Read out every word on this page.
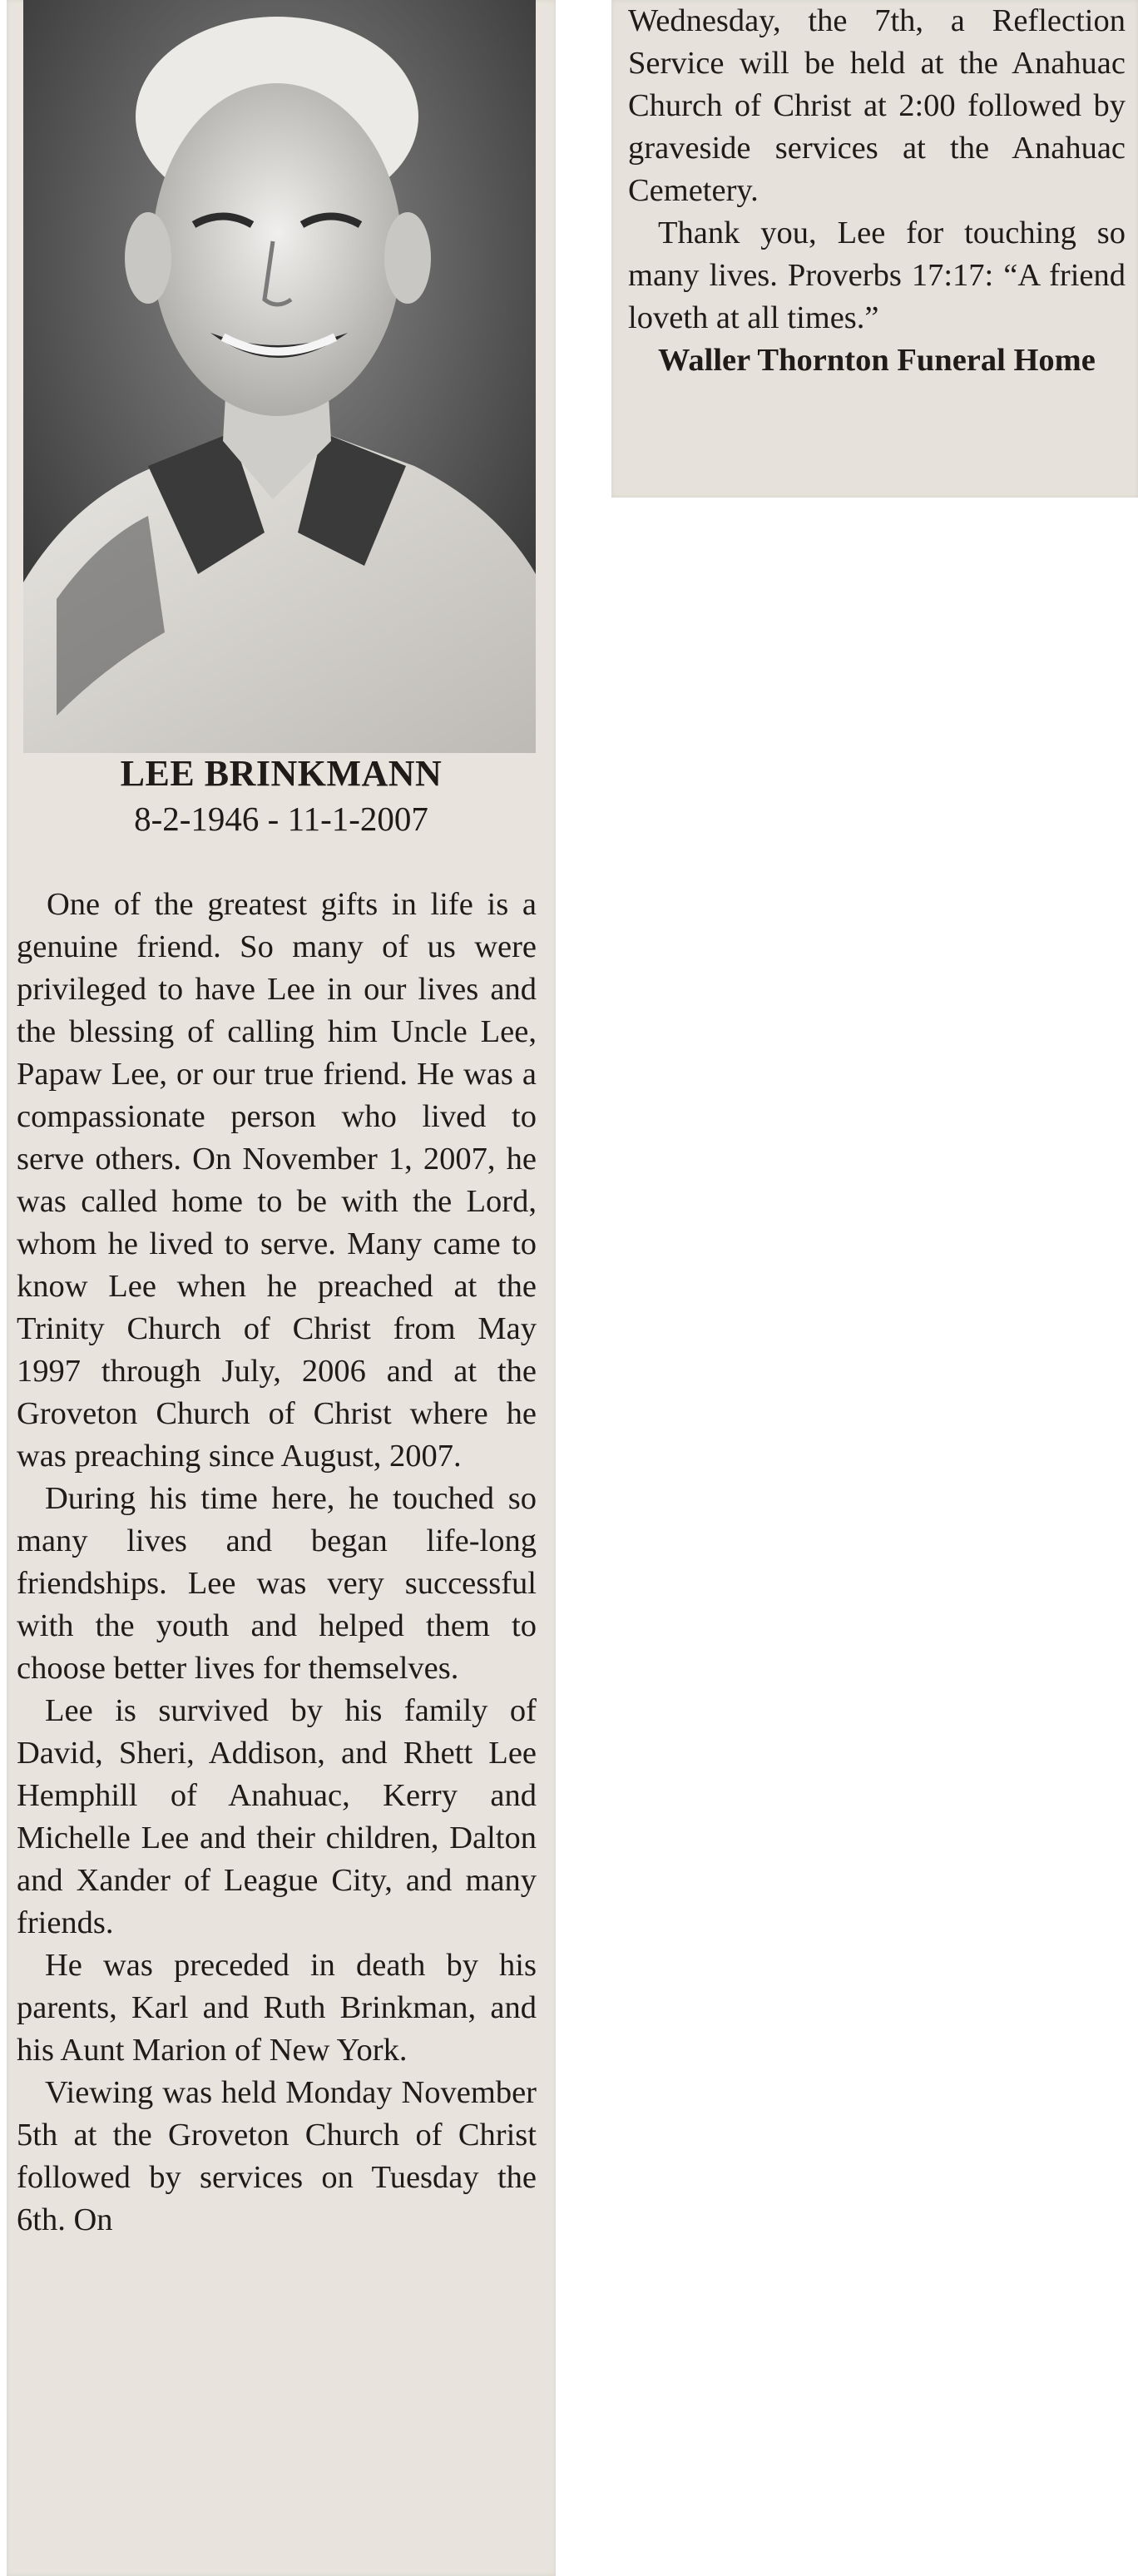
LEE BRINKMANN
8-2-1946 - 11-1-2007

One of the greatest gifts in life is a genuine friend. So many of us were privileged to have Lee in our lives and the blessing of calling him Uncle Lee, Papaw Lee, or our true friend. He was a compassionate person who lived to serve others. On November 1, 2007, he was called home to be with the Lord, whom he lived to serve. Many came to know Lee when he preached at the Trinity Church of Christ from May 1997 through July, 2006 and at the Groveton Church of Christ where he was preaching since August, 2007.

During his time here, he touched so many lives and began life-long friendships. Lee was very successful with the youth and helped them to choose better lives for themselves.

Lee is survived by his family of David, Sheri, Addison, and Rhett Lee Hemphill of Anahuac, Kerry and Michelle Lee and their children, Dalton and Xander of League City, and many friends.

He was preceded in death by his parents, Karl and Ruth Brinkman, and his Aunt Marion of New York.

Viewing was held Monday November 5th at the Groveton Church of Christ followed by services on Tuesday the 6th. On

Wednesday, the 7th, a Reflection Service will be held at the Anahuac Church of Christ at 2:00 followed by graveside services at the Anahuac Cemetery.

Thank you, Lee for touching so many lives. Proverbs 17:17: “A friend loveth at all times.”

Waller Thornton Funeral Home
